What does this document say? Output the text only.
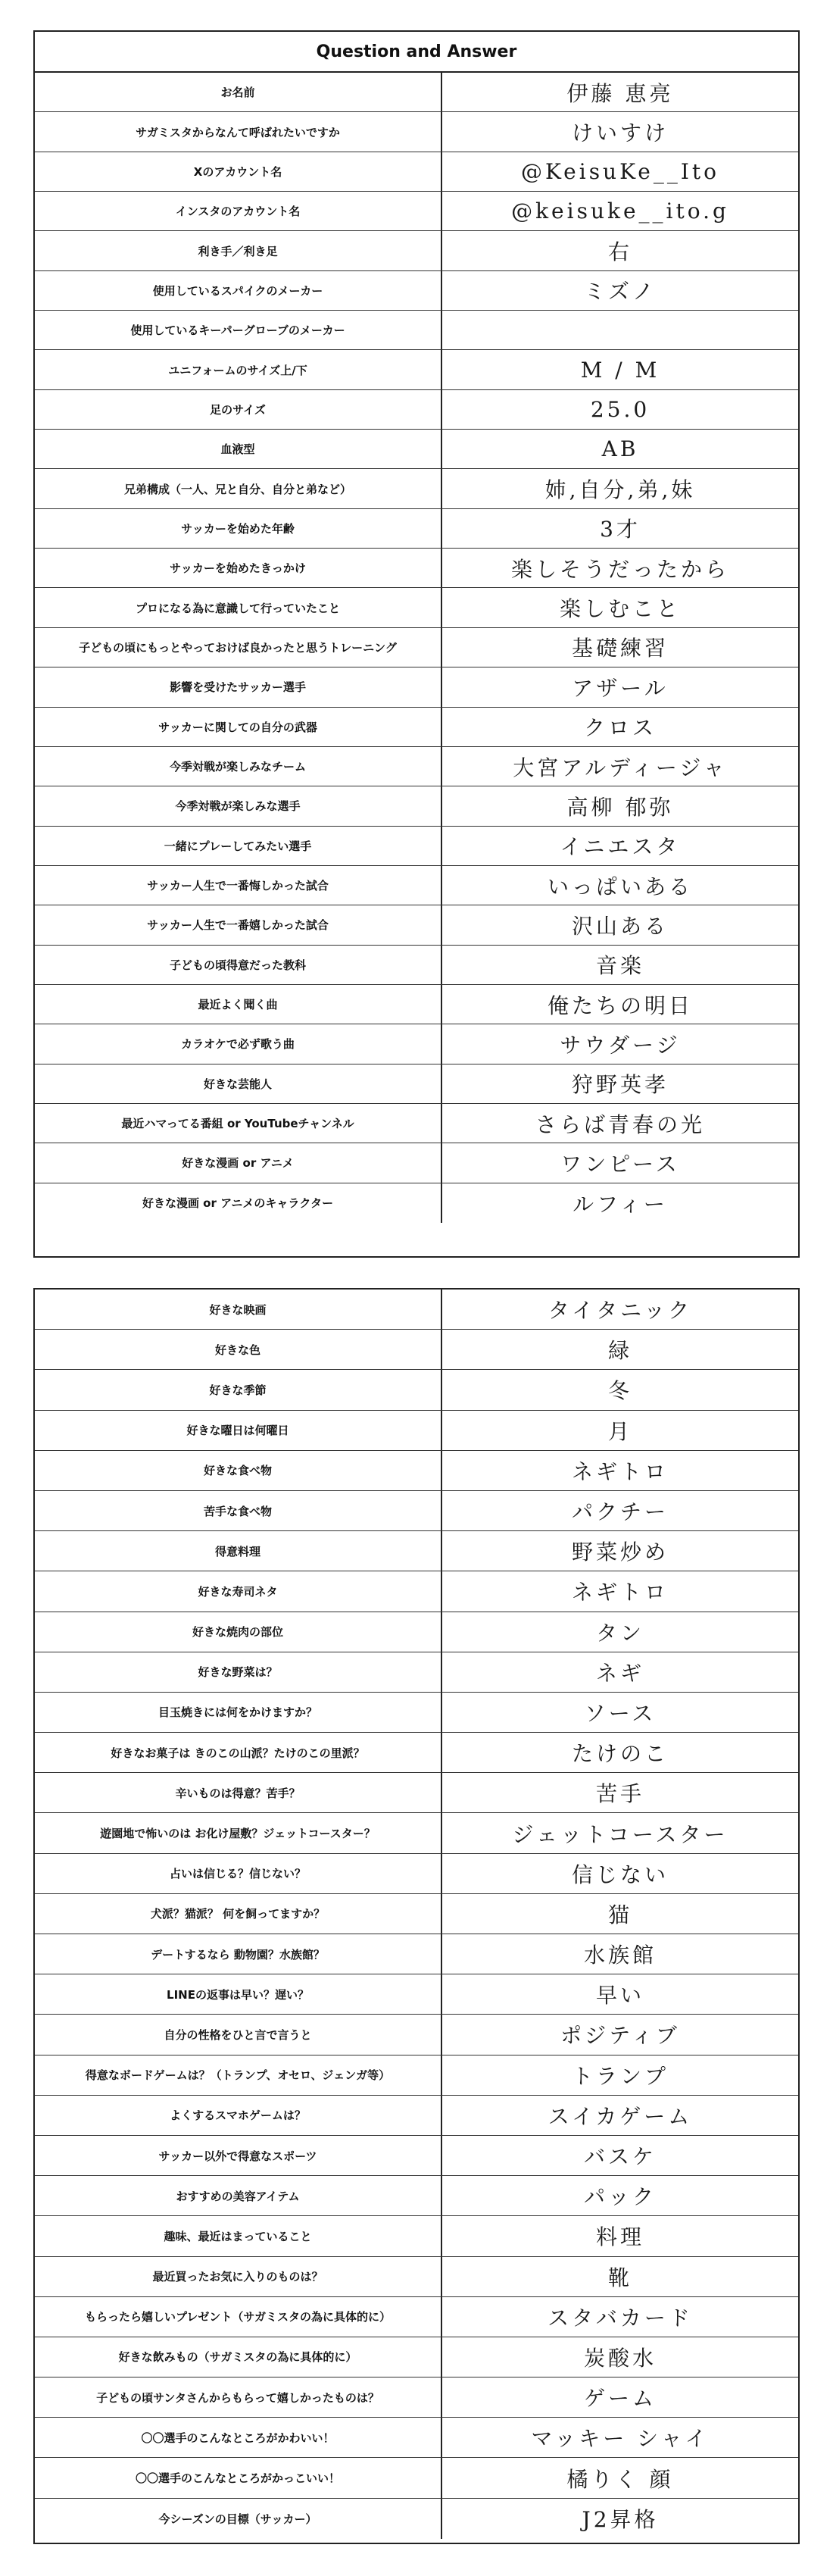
Question and Answer
お名前	伊藤 恵亮
サガミスタからなんて呼ばれたいですか	けいすけ
Xのアカウント名	@KeisuKe__Ito
インスタのアカウント名	@keisuke__ito.g
利き手／利き足	右
使用しているスパイクのメーカー	ミズノ
使用しているキーパーグローブのメーカー
ユニフォームのサイズ上/下	M / M
足のサイズ	25.0
血液型	AB
兄弟構成（一人、兄と自分、自分と弟など）	姉,自分,弟,妹
サッカーを始めた年齢	3才
サッカーを始めたきっかけ	楽しそうだったから
プロになる為に意識して行っていたこと	楽しむこと
子どもの頃にもっとやっておけば良かったと思うトレーニング	基礎練習
影響を受けたサッカー選手	アザール
サッカーに関しての自分の武器	クロス
今季対戦が楽しみなチーム	大宮アルディージャ
今季対戦が楽しみな選手	高柳 郁弥
一緒にプレーしてみたい選手	イニエスタ
サッカー人生で一番悔しかった試合	いっぱいある
サッカー人生で一番嬉しかった試合	沢山ある
子どもの頃得意だった教科	音楽
最近よく聞く曲	俺たちの明日
カラオケで必ず歌う曲	サウダージ
好きな芸能人	狩野英孝
最近ハマってる番組 or YouTubeチャンネル	さらば青春の光
好きな漫画 or アニメ	ワンピース
好きな漫画 or アニメのキャラクター	ルフィー
好きな映画	タイタニック
好きな色	緑
好きな季節	冬
好きな曜日は何曜日	月
好きな食べ物	ネギトロ
苦手な食べ物	パクチー
得意料理	野菜炒め
好きな寿司ネタ	ネギトロ
好きな焼肉の部位	タン
好きな野菜は？	ネギ
目玉焼きには何をかけますか？	ソース
好きなお菓子は きのこの山派？たけのこの里派？	たけのこ
辛いものは得意？苦手？	苦手
遊園地で怖いのは お化け屋敷？ジェットコースター？	ジェットコースター
占いは信じる？信じない？	信じない
犬派？猫派？ 何を飼ってますか？	猫
デートするなら 動物園？水族館？	水族館
LINEの返事は早い？遅い？	早い
自分の性格をひと言で言うと	ポジティブ
得意なボードゲームは？（トランプ、オセロ、ジェンガ等）	トランプ
よくするスマホゲームは？	スイカゲーム
サッカー以外で得意なスポーツ	バスケ
おすすめの美容アイテム	パック
趣味、最近はまっていること	料理
最近買ったお気に入りのものは？	靴
もらったら嬉しいプレゼント（サガミスタの為に具体的に）	スタバカード
好きな飲みもの（サガミスタの為に具体的に）	炭酸水
子どもの頃サンタさんからもらって嬉しかったものは？	ゲーム
〇〇選手のこんなところがかわいい！	マッキー シャイ
〇〇選手のこんなところがかっこいい！	橘りく 顔
今シーズンの目標（サッカー）	J2昇格
